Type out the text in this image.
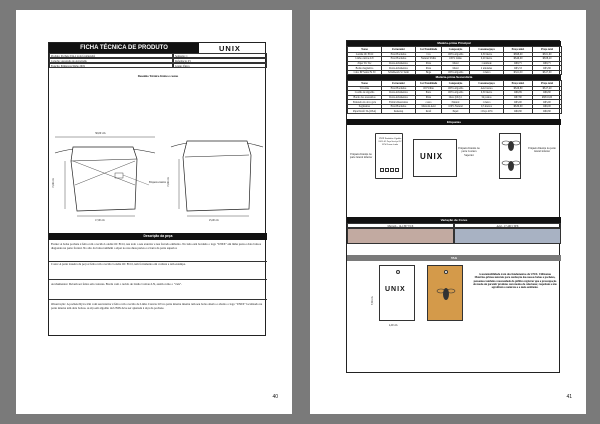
FICHA TÉCNICA DE PRODUTO	UNIX
Produto: Pochete Uni-x gola (conjugada)	Semestre: 1
Coleção: Ascensão do Astrológik	Referência: P1
Estação: Primavera/Verão 2019	Grade: Única
Desenho Técnico frente e costas
30,00 cm
15,00 cm
17,00 cm
Etiqueta externa 15,00 cm
25,00 cm
Descrição da peça
Frente: A bolsa pochete é feita com o tecido Londia OC ECO, nas todo o seu exterior e nas forrado embaixo. No lado está bordado o logo "UNIX" em linha preta e dois bolsos diagonais na parte frontal. No alto da bolsa também o zíper no nas duas partes e a barra da parte superior.
Costa: A parte traseira da peça é feita com o tecido Londia OC ECO, tem forramento em cordura e tem estampa.
Acabamentos: Devem ser feitos em costuras. Borda com o tecido de Linho Canvas LN, assim como o "viés".
Observação: A pochete Ryva-Uni com seu interior é feita com o tecido de Linho Canvas LN no parte interna interna tem seu bolso aberto e abaixo o logo "UNIX" localizado na parte interna tem dois bolsos. A alça em algodão da UNIX deve ser ajustada à alça da pochete.
40
Matéria-prima Principal
Nome	Fornecedor	Cor/Tonalidade	Composição	Consumo/peça	Preço unid.	Preço total
Londia OC ECO	Eitar Bordados	Cru	100% Algodão	0,30 metro	R$98,00	R$51,90
Linho canvas LN	Eitar Bordados	Natural/ Palha	100% Linho	0,20 metro	R$49,00	R$58,20
Zíper Tic Tac	Rotta Aviamentos	Prata	Metal	1 unidade	R$8,75	R$8,75
Botão magnético	Rotta Aviamentos	Prata	Metal	2 unidades	R$5,33	R$5,86
Cabo PP Santa Fé 30	Schuhwerk Sc Seim	Bege	100% Algodão	1 metro	R$11,00	R$17,00
Matéria-prima Secundária
Nome	Fornecedor	Cor/Tonalidade	Composição	Consumo/peça	Preço unid.	Preço total
Tricoline	Eitar Bordados	Off White	100% Algodão	Azul turrea	R$29,80	R$17,40
Cordão de algodão	Rotta Aviamentos	Preto	100% Algodão	0,50 metro	R$6,89	R$6,80
Bordo dos acessórios	Rotta Aviamentos	Prata	Ouro (Old) 1	34 pontos	R$7,80	R$316,60
Entretela do olvo gola	Fabrics Rezzantes	couro	Natural	1 metro	R$5,90	R$5,90
Segmentos	Eitar Bordados	Marrom Azul	100% Natural	0,3 metros	R$30,00	R$9,00
Papel Kraft 3A (OSA)	Kaiserup	Kraft	Papel	1 Peça 20%	R$0,80	R$0,80
Etiquetas
Etiqueta Interna na parte lateral inferior
UNIX Bordados Algodão 100% 63 Faça Serviço OC LEW Lavar à mão
UNIX
Etiqueta Interna na parte Costura Superior
Etiqueta Interna na parte lateral inferior
Variação de Cores
Marrom - 14-1307 TCX	Azul - 17-4015 TPX
TAG
7,00 cm
UNIX
4,00 cm
A sustentabilidade é um dos fundamentos da UNIX. Utilizamos Matérias-primas naturais para confecção das nossas bolsas e pochetes, pensamos também e necessidade do público registrar que a preocupação de moda em garantir produtos com modos de colecionar, respeitam a não agredirem a natureza e o meio ambiente.
41
